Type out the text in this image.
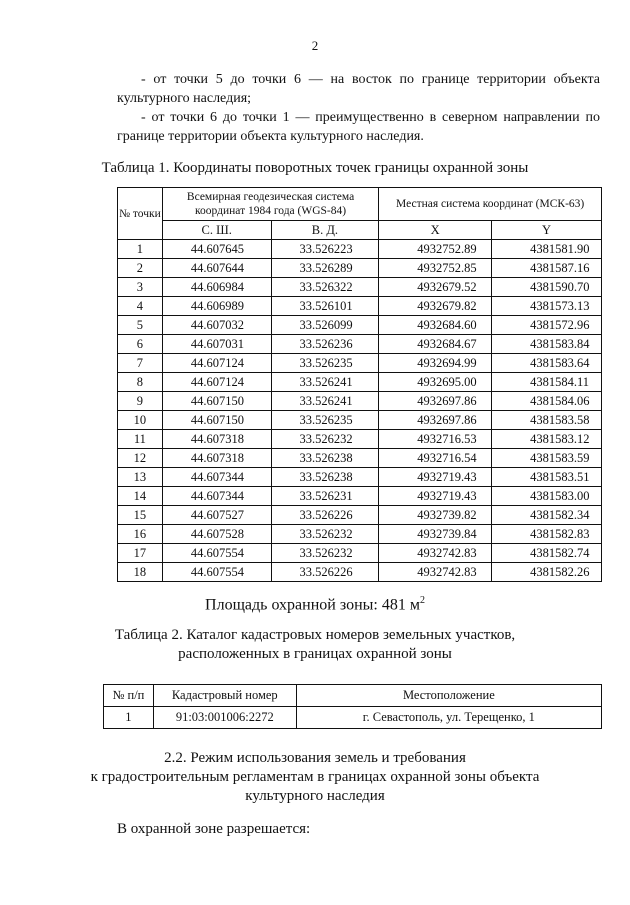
2
- от точки 5 до точки 6 — на восток по границе территории объекта культурного наследия;
- от точки 6 до точки 1 — преимущественно в северном направлении по границе территории объекта культурного наследия.
Таблица 1. Координаты поворотных точек границы охранной зоны
№ точки	Всемирная геодезическая система координат 1984 года (WGS-84)		Местная система координат (МСК-63)	
	С. Ш.	В. Д.	X	Y
1	44.607645	33.526223	4932752.89	4381581.90
2	44.607644	33.526289	4932752.85	4381587.16
3	44.606984	33.526322	4932679.52	4381590.70
4	44.606989	33.526101	4932679.82	4381573.13
5	44.607032	33.526099	4932684.60	4381572.96
6	44.607031	33.526236	4932684.67	4381583.84
7	44.607124	33.526235	4932694.99	4381583.64
8	44.607124	33.526241	4932695.00	4381584.11
9	44.607150	33.526241	4932697.86	4381584.06
10	44.607150	33.526235	4932697.86	4381583.58
11	44.607318	33.526232	4932716.53	4381583.12
12	44.607318	33.526238	4932716.54	4381583.59
13	44.607344	33.526238	4932719.43	4381583.51
14	44.607344	33.526231	4932719.43	4381583.00
15	44.607527	33.526226	4932739.82	4381582.34
16	44.607528	33.526232	4932739.84	4381582.83
17	44.607554	33.526232	4932742.83	4381582.74
18	44.607554	33.526226	4932742.83	4381582.26
Площадь охранной зоны: 481 $м^2$
Таблица 2. Каталог кадастровых номеров земельных участков,
расположенных в границах охранной зоны
№ п/п	Кадастровый номер	Местоположение
1	91:03:001006:2272	г. Севастополь, ул. Терещенко, 1
2.2. Режим использования земель и требования
к градостроительным регламентам в границах охранной зоны объекта
культурного наследия
В охранной зоне разрешается:
